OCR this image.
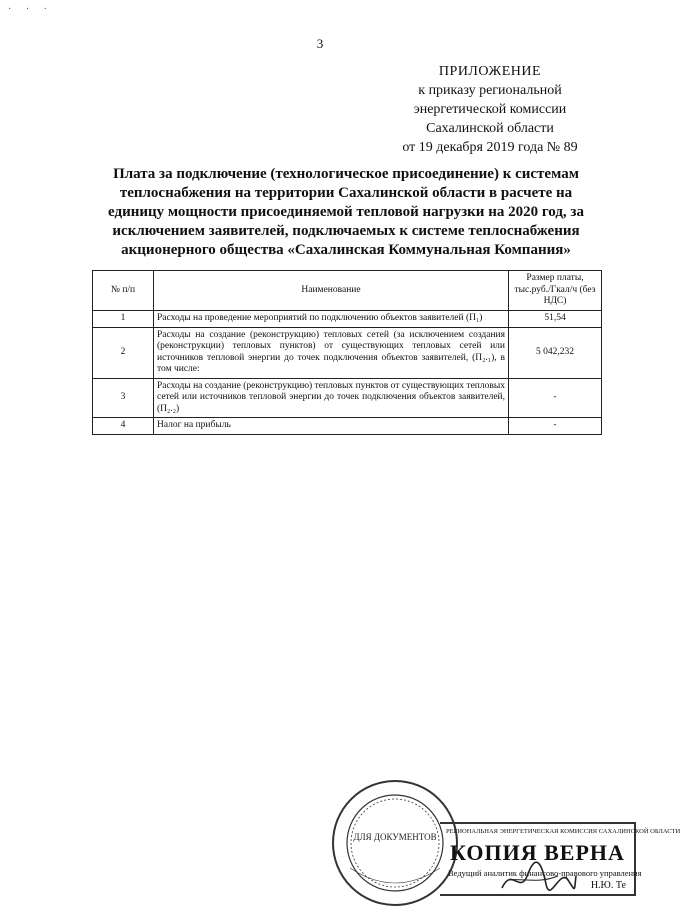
· · ·
3
ПРИЛОЖЕНИЕ
к приказу региональной
энергетической комиссии
Сахалинской области
от 19 декабря 2019 года № 89
Плата за подключение (технологическое присоединение) к системам теплоснабжения на территории Сахалинской области в расчете на единицу мощности присоединяемой тепловой нагрузки на 2020 год, за исключением заявителей, подключаемых к системе теплоснабжения акционерного общества «Сахалинская Коммунальная Компания»
№ п/п	Наименование	Размер платы, тыс.руб./Гкал/ч (без НДС)
1	Расходы на проведение мероприятий по подключению объектов заявителей (П₁)	51,54
2	Расходы на создание (реконструкцию) тепловых сетей (за исключением создания (реконструкции) тепловых пунктов) от существующих тепловых сетей или источников тепловой энергии до точек подключения объектов заявителей, (П₂.₁), в том числе:	5 042,232
3	Расходы на создание (реконструкцию) тепловых пунктов от существующих тепловых сетей или источников тепловой энергии до точек подключения объектов заявителей, (П₂.₂)	-
4	Налог на прибыль	-
ДЛЯ ДОКУМЕНТОВ
РЕГИОНАЛЬНАЯ ЭНЕРГЕТИЧЕСКАЯ КОМИССИЯ САХАЛИНСКОЙ ОБЛАСТИ
КОПИЯ ВЕРНА
Ведущий аналитик финансово-правового управления
Н.Ю. Те
